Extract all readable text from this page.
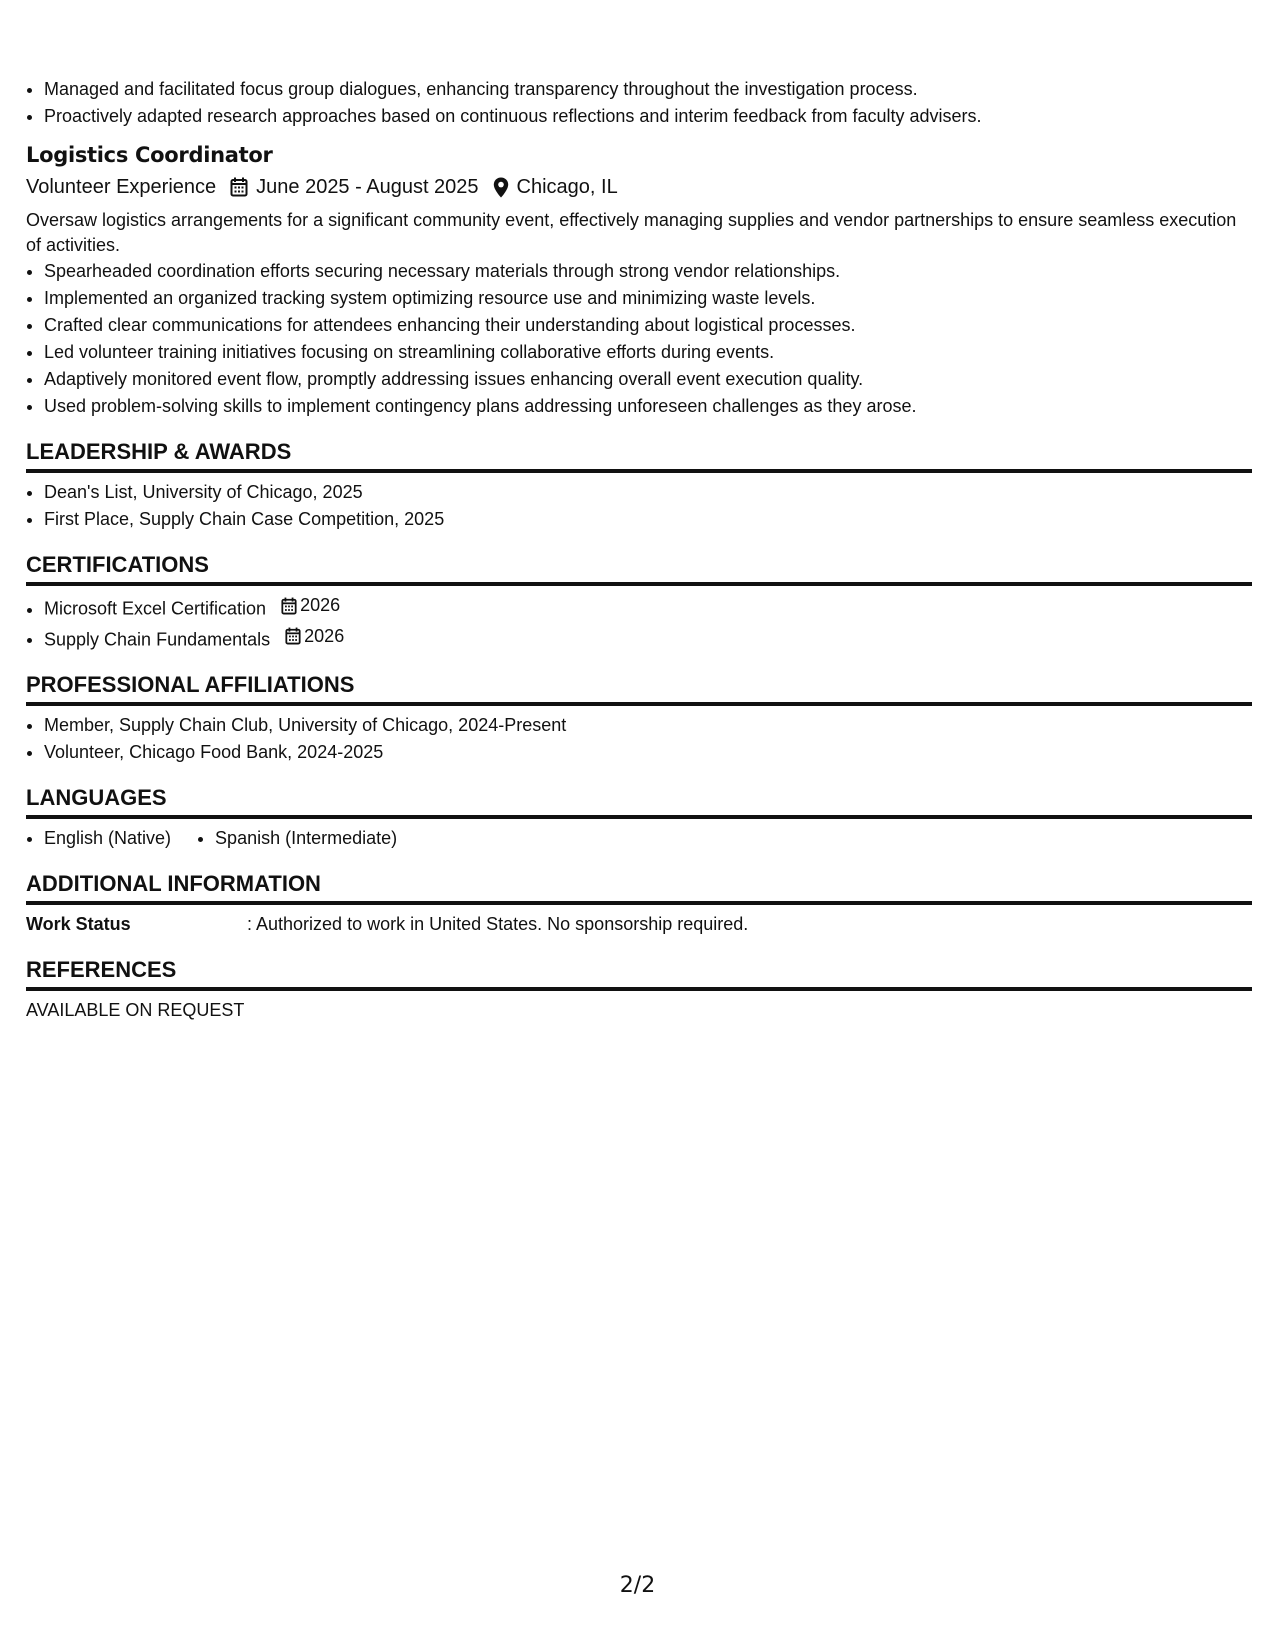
• Managed and facilitated focus group dialogues, enhancing transparency throughout the investigation process.
• Proactively adapted research approaches based on continuous reflections and interim feedback from faculty advisers.
Logistics Coordinator
Volunteer Experience June 2025 - August 2025 Chicago, IL
Oversaw logistics arrangements for a significant community event, effectively managing supplies and vendor partnerships to ensure seamless execution of activities.
• Spearheaded coordination efforts securing necessary materials through strong vendor relationships.
• Implemented an organized tracking system optimizing resource use and minimizing waste levels.
• Crafted clear communications for attendees enhancing their understanding about logistical processes.
• Led volunteer training initiatives focusing on streamlining collaborative efforts during events.
• Adaptively monitored event flow, promptly addressing issues enhancing overall event execution quality.
• Used problem-solving skills to implement contingency plans addressing unforeseen challenges as they arose.
LEADERSHIP & AWARDS
• Dean's List, University of Chicago, 2025
• First Place, Supply Chain Case Competition, 2025
CERTIFICATIONS
• Microsoft Excel Certification 2026
• Supply Chain Fundamentals 2026
PROFESSIONAL AFFILIATIONS
• Member, Supply Chain Club, University of Chicago, 2024-Present
• Volunteer, Chicago Food Bank, 2024-2025
LANGUAGES
• English (Native)
• Spanish (Intermediate)
ADDITIONAL INFORMATION
Work Status	: Authorized to work in United States. No sponsorship required.
REFERENCES
AVAILABLE ON REQUEST
2/2
